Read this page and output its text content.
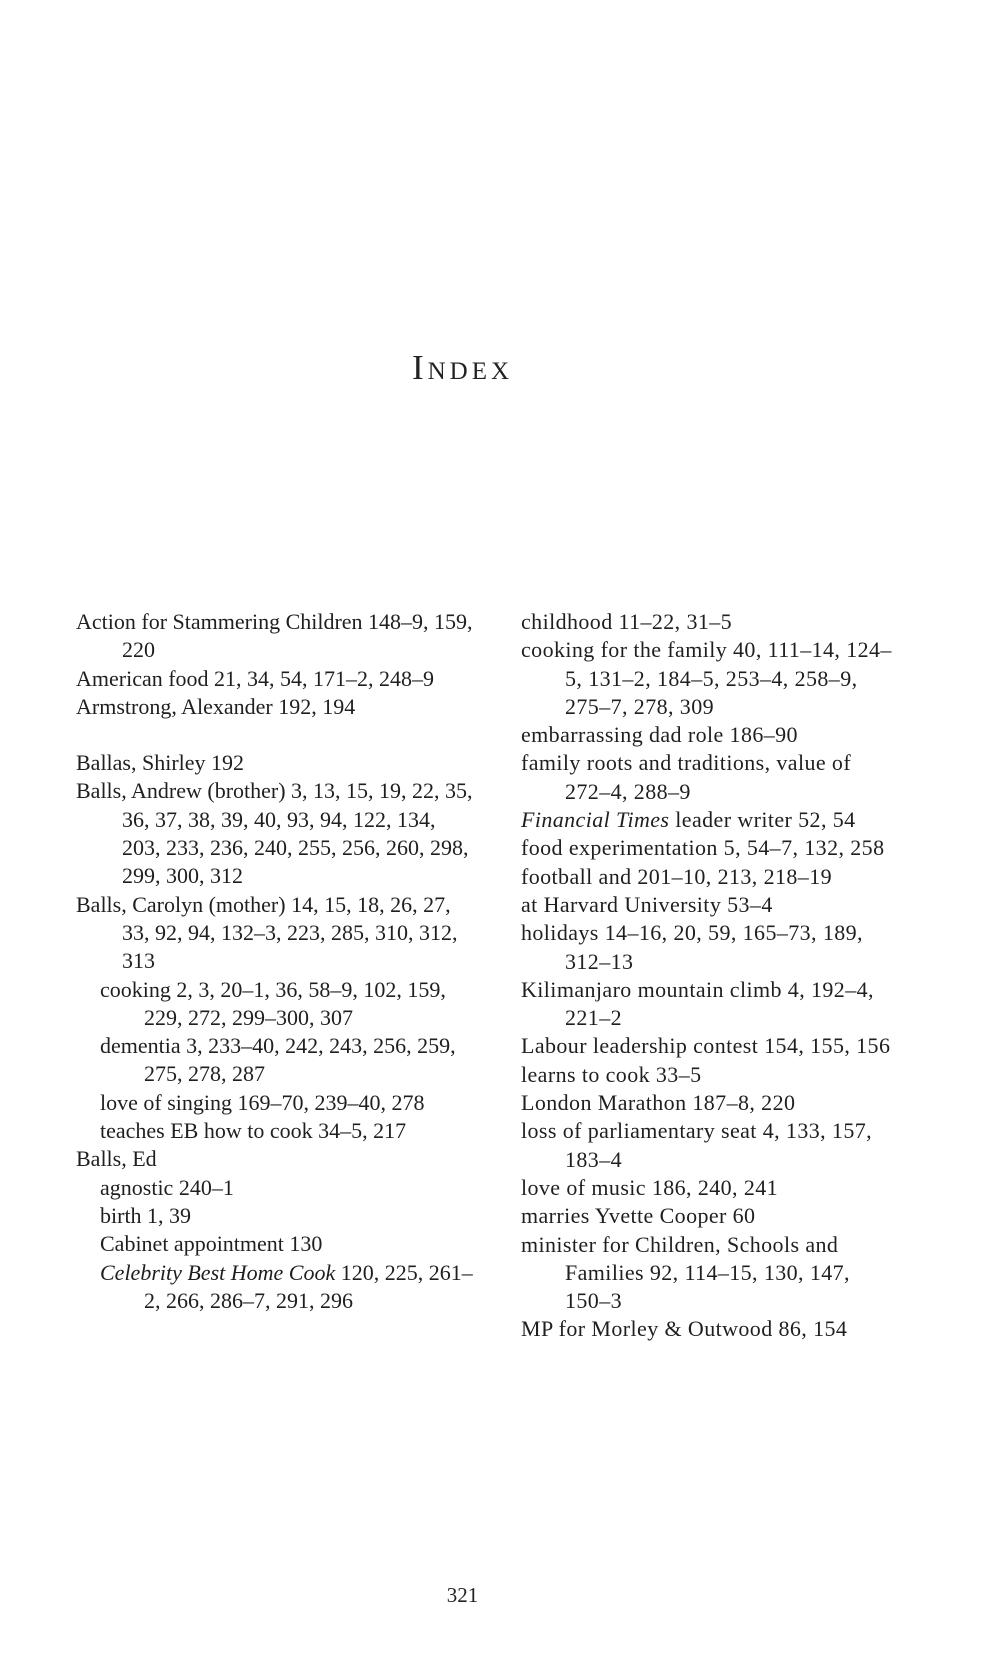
Index
Action for Stammering Children 148–9, 159, 220
American food 21, 34, 54, 171–2, 248–9
Armstrong, Alexander 192, 194
Ballas, Shirley 192
Balls, Andrew (brother) 3, 13, 15, 19, 22, 35, 36, 37, 38, 39, 40, 93, 94, 122, 134, 203, 233, 236, 240, 255, 256, 260, 298, 299, 300, 312
Balls, Carolyn (mother) 14, 15, 18, 26, 27, 33, 92, 94, 132–3, 223, 285, 310, 312, 313
cooking 2, 3, 20–1, 36, 58–9, 102, 159, 229, 272, 299–300, 307
dementia 3, 233–40, 242, 243, 256, 259, 275, 278, 287
love of singing 169–70, 239–40, 278
teaches EB how to cook 34–5, 217
Balls, Ed
agnostic 240–1
birth 1, 39
Cabinet appointment 130
Celebrity Best Home Cook 120, 225, 261–2, 266, 286–7, 291, 296
childhood 11–22, 31–5
cooking for the family 40, 111–14, 124–5, 131–2, 184–5, 253–4, 258–9, 275–7, 278, 309
embarrassing dad role 186–90
family roots and traditions, value of 272–4, 288–9
Financial Times leader writer 52, 54
food experimentation 5, 54–7, 132, 258
football and 201–10, 213, 218–19
at Harvard University 53–4
holidays 14–16, 20, 59, 165–73, 189, 312–13
Kilimanjaro mountain climb 4, 192–4, 221–2
Labour leadership contest 154, 155, 156
learns to cook 33–5
London Marathon 187–8, 220
loss of parliamentary seat 4, 133, 157, 183–4
love of music 186, 240, 241
marries Yvette Cooper 60
minister for Children, Schools and Families 92, 114–15, 130, 147, 150–3
MP for Morley & Outwood 86, 154
321
